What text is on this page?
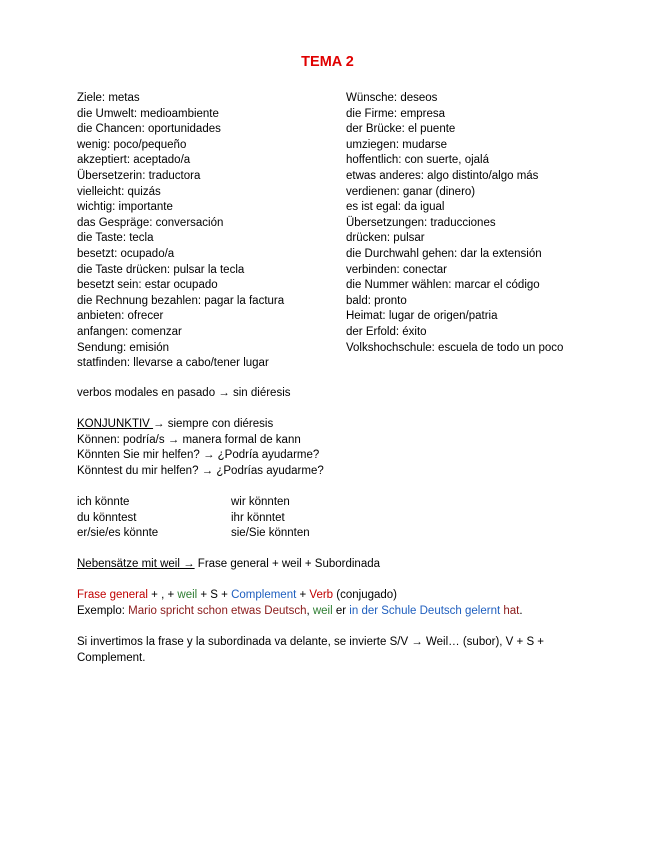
TEMA 2
Ziele: metas
die Umwelt: medioambiente
die Chancen: oportunidades
wenig: poco/pequeño
akzeptiert: aceptado/a
Übersetzerin: traductora
vielleicht: quizás
wichtig: importante
das Gespräge: conversación
die Taste: tecla
besetzt: ocupado/a
die Taste drücken: pulsar la tecla
besetzt sein: estar ocupado
die Rechnung bezahlen: pagar la factura
anbieten: ofrecer
anfangen: comenzar
Sendung: emisión
statfinden: llevarse a cabo/tener lugar
Wünsche: deseos
die Firme: empresa
der Brücke: el puente
umziegen: mudarse
hoffentlich: con suerte, ojalá
etwas anderes: algo distinto/algo más
verdienen: ganar (dinero)
es ist egal: da igual
Übersetzungen: traducciones
drücken: pulsar
die Durchwahl gehen: dar la extensión
verbinden: conectar
die Nummer wählen: marcar el código
bald: pronto
Heimat: lugar de origen/patria
der Erfold: éxito
Volkshochschule: escuela de todo un poco
verbos modales en pasado → sin diéresis
KONJUNKTIV → siempre con diéresis
Können: podría/s → manera formal de kann
Könnten Sie mir helfen? → ¿Podría ayudarme?
Könntest du mir helfen? → ¿Podrías ayudarme?
ich könnte	wir könnten
du könntest	ihr könntet
er/sie/es könnte	sie/Sie könnten
Nebensätze mit weil → Frase general + weil + Subordinada
Frase general + , + weil + S + Complement + Verb (conjugado)
Exemplo: Mario spricht schon etwas Deutsch, weil er in der Schule Deutsch gelernt hat.
Si invertimos la frase y la subordinada va delante, se invierte S/V → Weil… (subor), V + S + Complement.
